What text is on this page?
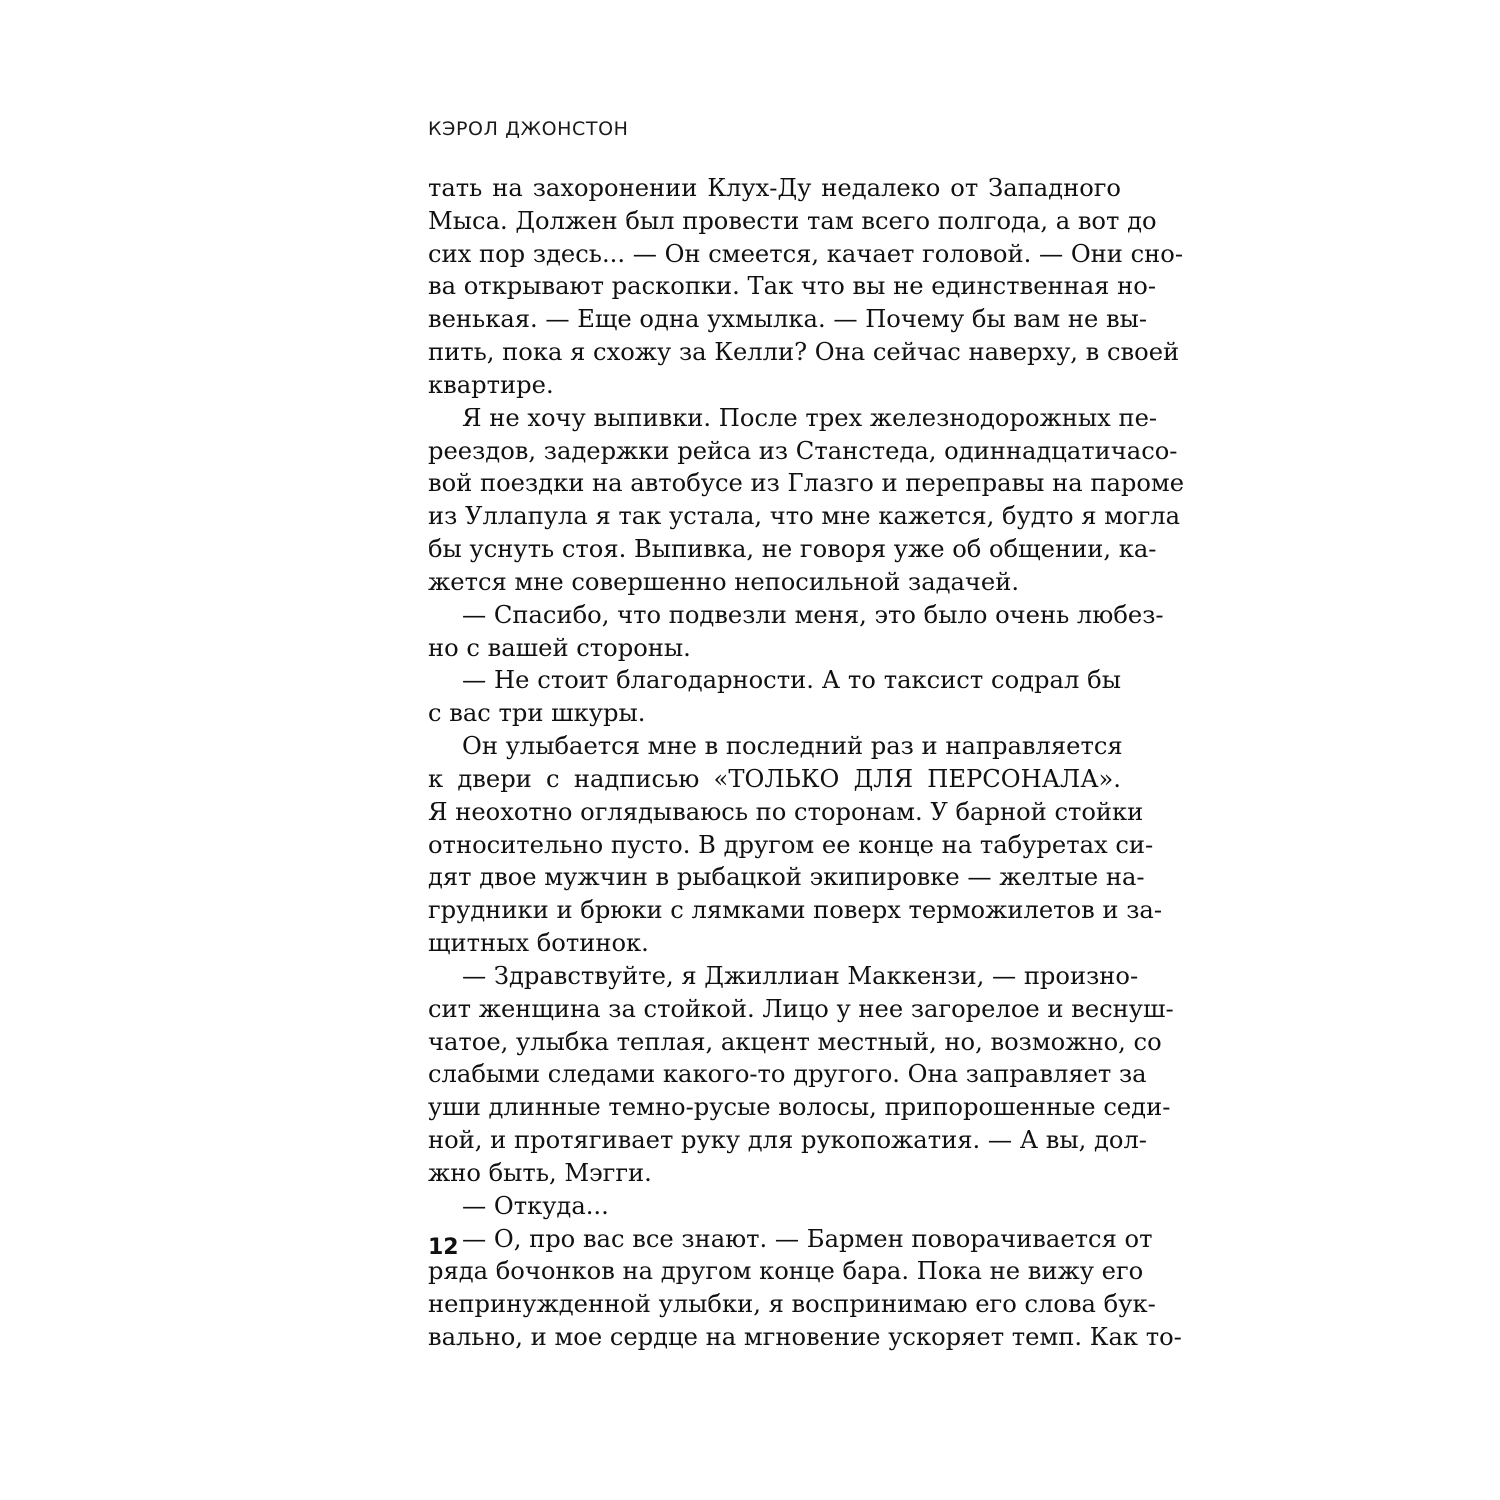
КЭРОЛ ДЖОНСТОН
тать на захоронении Клух-Ду недалеко от Западного
Мыса. Должен был провести там всего полгода, а вот до
сих пор здесь... — Он смеется, качает головой. — Они сно-
ва открывают раскопки. Так что вы не единственная но-
венькая. — Еще одна ухмылка. — Почему бы вам не вы-
пить, пока я схожу за Келли? Она сейчас наверху, в своей
квартире.
Я не хочу выпивки. После трех железнодорожных пе-
реездов, задержки рейса из Станстеда, одиннадцатичасо-
вой поездки на автобусе из Глазго и переправы на пароме
из Уллапула я так устала, что мне кажется, будто я могла
бы уснуть стоя. Выпивка, не говоря уже об общении, ка-
жется мне совершенно непосильной задачей.
— Спасибо, что подвезли меня, это было очень любез-
но с вашей стороны.
— Не стоит благодарности. А то таксист содрал бы
с вас три шкуры.
Он улыбается мне в последний раз и направляется
к двери с надписью «ТОЛЬКО ДЛЯ ПЕРСОНАЛА».
Я неохотно оглядываюсь по сторонам. У барной стойки
относительно пусто. В другом ее конце на табуретах си-
дят двое мужчин в рыбацкой экипировке — желтые на-
грудники и брюки с лямками поверх терможилетов и за-
щитных ботинок.
— Здравствуйте, я Джиллиан Маккензи, — произно-
сит женщина за стойкой. Лицо у нее загорелое и веснуш-
чатое, улыбка теплая, акцент местный, но, возможно, со
слабыми следами какого-то другого. Она заправляет за
уши длинные темно-русые волосы, припорошенные седи-
ной, и протягивает руку для рукопожатия. — А вы, дол-
жно быть, Мэгги.
— Откуда...
— О, про вас все знают. — Бармен поворачивается от
ряда бочонков на другом конце бара. Пока не вижу его
непринужденной улыбки, я воспринимаю его слова бук-
вально, и мое сердце на мгновение ускоряет темп. Как то-
12
